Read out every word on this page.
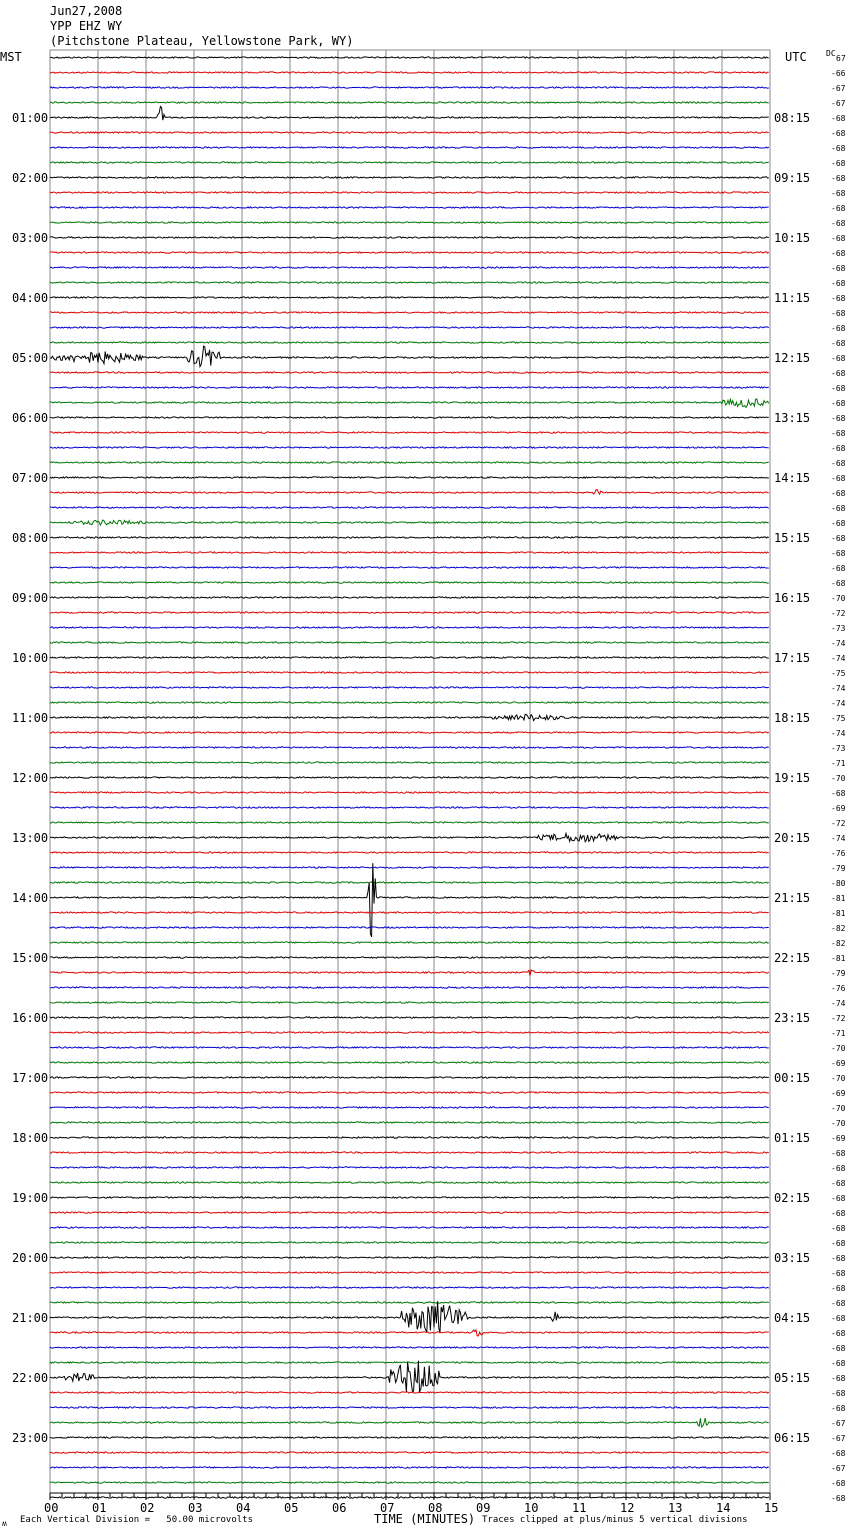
Jun27,2008
YPP EHZ WY
(Pitchstone Plateau, Yellowstone Park, WY)
MST	UTC DC
01:00
02:00
03:00
04:00
05:00
06:00
07:00
08:00
09:00
10:00
11:00
12:00
13:00
14:00
15:00
16:00
17:00
18:00
19:00
20:00
21:00
22:00
23:00
08:15
09:15
10:15
11:15
12:15
13:15
14:15
15:15
16:15
17:15
18:15
19:15
20:15
21:15
22:15
23:15
00:15
01:15
02:15
03:15
04:15
05:15
06:15
67
-66
-67
-67
-68
-68
-68
-68
-68
-68
-68
-68
-68
-68
-68
-68
-68
-68
-68
-68
-68
-68
-68
-68
-68
-68
-68
-68
-68
-68
-68
-68
-68
-68
-68
-68
-70
-72
-73
-74
-74
-75
-74
-74
-75
-74
-73
-71
-70
-68
-69
-72
-74
-76
-79
-80
-81
-81
-82
-82
-81
-79
-76
-74
-72
-71
-70
-69
-70
-69
-70
-70
-69
-68
-68
-68
-68
-68
-68
-68
-68
-68
-68
-68
-68
-68
-68
-68
-68
-68
-68
-67
-67
-68
-67
-68
-68
00	01	02	03	04	05	06	07	08	09	10	11	12	13	14	15
ʍ Each Vertical Division =   50.00 microvolts	TIME (MINUTES) Traces clipped at plus/minus 5 vertical divisions
